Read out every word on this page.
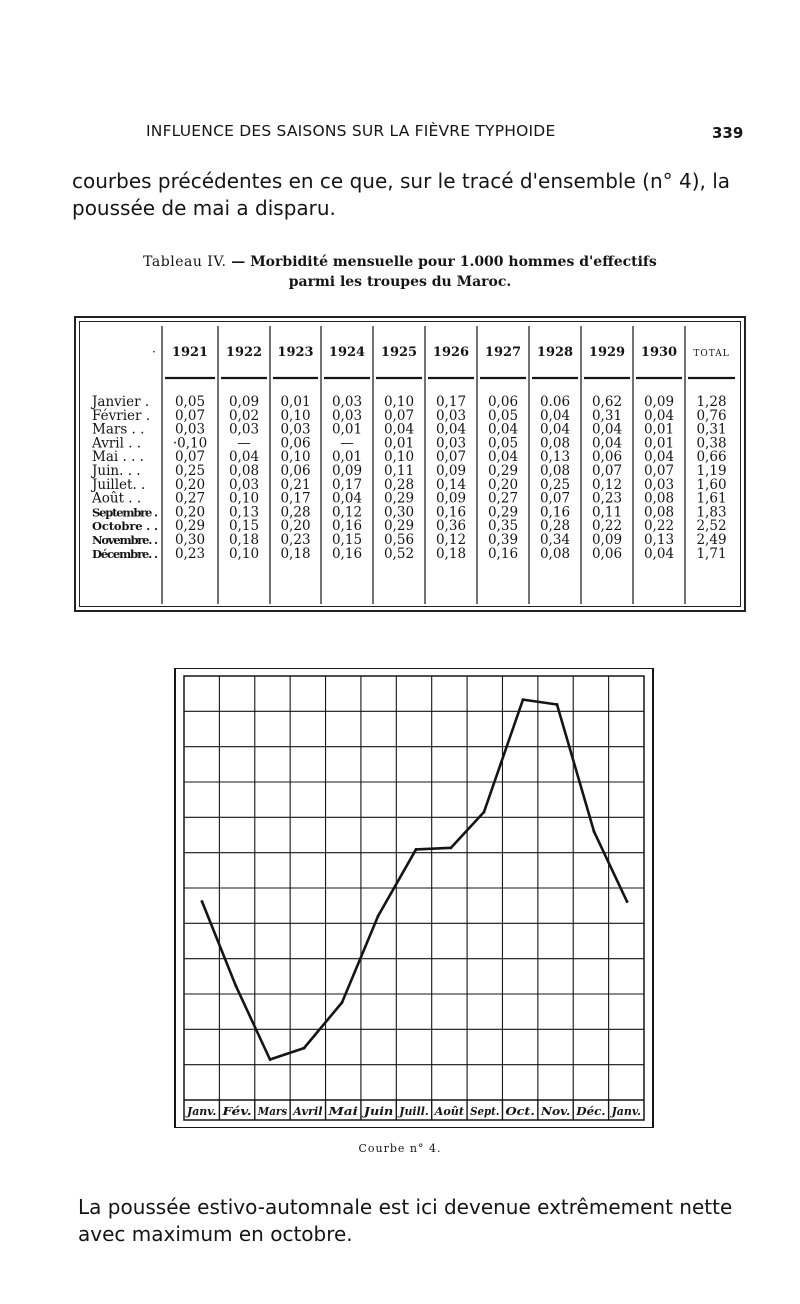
INFLUENCE DES SAISONS SUR LA FIÈVRE TYPHOIDE	339
courbes précédentes en ce que, sur le tracé d'ensemble (n° 4), la
poussée de mai a disparu.
Tableau IV. — Morbidité mensuelle pour 1.000 hommes d'effectifs
parmi les troupes du Maroc.
1921 1922 1923 1924 1925 1926 1927 1928 1929 1930 TOTAL
·
Janvier . 0,05 0,09 0,01 0,03 0,10 0,17 0,06 0.06 0,62 0,09 1,28
Février . 0,07 0,02 0,10 0,03 0,07 0,03 0,05 0,04 0,31 0,04 0,76
Mars . . 0,03 0,03 0,03 0,01 0,04 0,04 0,04 0,04 0,04 0,01 0,31
Avril . . ·0,10 — 0,06 — 0,01 0,03 0,05 0,08 0,04 0,01 0,38
Mai . . . 0,07 0,04 0,10 0,01 0,10 0,07 0,04 0,13 0,06 0,04 0,66
Juin. . .	0,25 0,08 0,06 0,09 0,11 0,09 0,29 0,08 0,07 0,07 1,19
Juillet. . 0,20 0,03 0,21 0,17 0,28 0,14 0,20 0,25 0,12 0,03 1,60
Août . .	0,27 0,10 0,17 0,04 0,29 0,09 0,27 0,07 0,23 0,08 1,61
Septembre . 0,20 0,13 0,28 0,12 0,30 0,16 0,29 0,16 0,11 0,08 1,83
Octobre . . 0,29 0,15 0,20 0,16 0,29 0,36 0,35 0,28 0,22 0,22 2,52
Novembre. . 0,30 0,18 0,23 0,15 0,56 0,12 0,39 0,34 0,09 0,13 2,49
Décembre. . 0,23 0,10 0,18 0,16 0,52 0,18 0,16 0,08 0,06 0,04 1,71
Janv. Fév. Mars Avril Mai Juin Juill. Août Sept. Oct. Nov. Déc. Janv.
Courbe n° 4.
La poussée estivo-automnale est ici devenue extrêmement nette
avec maximum en octobre.
